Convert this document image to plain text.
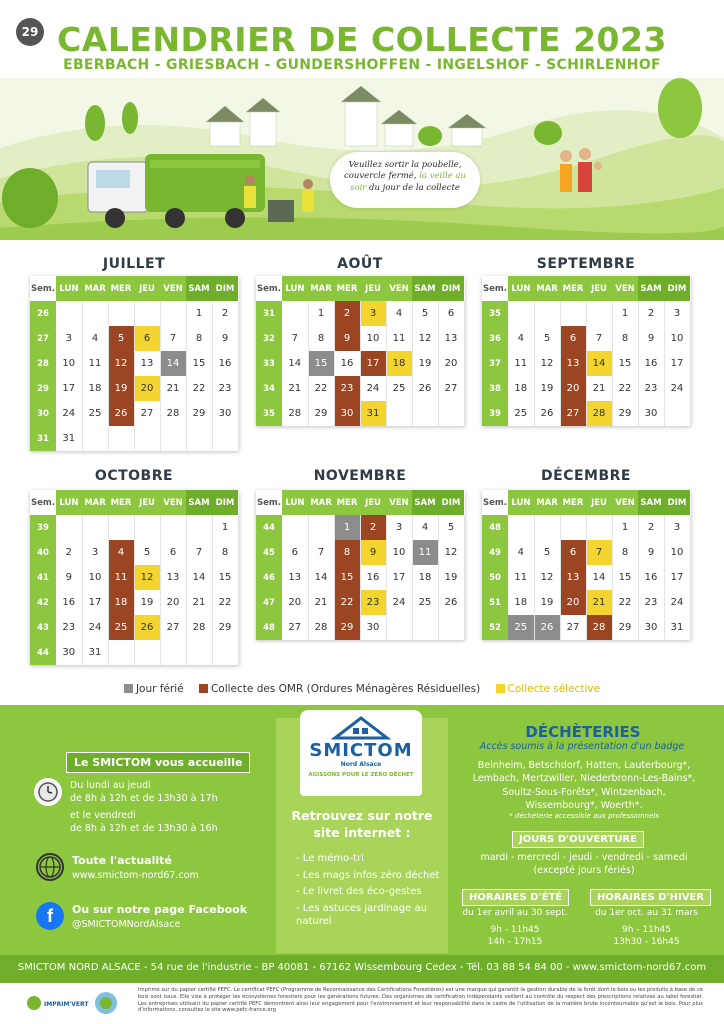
29 CALENDRIER DE COLLECTE 2023
EBERBACH - GRIESBACH - GUNDERSHOFFEN - INGELSHOF - SCHIRLENHOF
Veuillez sortir la poubelle, couvercle fermé, la veille au soir du jour de la collecte
JUILLET
Sem.	LUN	MAR	MER	JEU	VEN	SAM	DIM
26						1	2
27	3	4	5	6	7	8	9
28	10	11	12	13	14	15	16
29	17	18	19	20	21	22	23
30	24	25	26	27	28	29	30
31	31						
AOÛT
Sem.	LUN	MAR	MER	JEU	VEN	SAM	DIM
31		1	2	3	4	5	6
32	7	8	9	10	11	12	13
33	14	15	16	17	18	19	20
34	21	22	23	24	25	26	27
35	28	29	30	31			
SEPTEMBRE
Sem.	LUN	MAR	MER	JEU	VEN	SAM	DIM
35					1	2	3
36	4	5	6	7	8	9	10
37	11	12	13	14	15	16	17
38	18	19	20	21	22	23	24
39	25	26	27	28	29	30	
OCTOBRE
Sem.	LUN	MAR	MER	JEU	VEN	SAM	DIM
39							1
40	2	3	4	5	6	7	8
41	9	10	11	12	13	14	15
42	16	17	18	19	20	21	22
43	23	24	25	26	27	28	29
44	30	31					
NOVEMBRE
Sem.	LUN	MAR	MER	JEU	VEN	SAM	DIM
44			1	2	3	4	5
45	6	7	8	9	10	11	12
46	13	14	15	16	17	18	19
47	20	21	22	23	24	25	26
48	27	28	29	30			
DÉCEMBRE
Sem.	LUN	MAR	MER	JEU	VEN	SAM	DIM
48					1	2	3
49	4	5	6	7	8	9	10
50	11	12	13	14	15	16	17
51	18	19	20	21	22	23	24
52	25	26	27	28	29	30	31
Jour férié	Collecte des OMR (Ordures Ménagères Résiduelles)	Collecte sélective
Le SMICTOM vous accueille
Du lundi au jeudi
de 8h à 12h et de 13h30 à 17h
et le vendredi
de 8h à 12h et de 13h30 à 16h
Toute l'actualité
www.smictom-nord67.com
f	Ou sur notre page Facebook
@SMICTOMNordAlsace
SMICTOM
Nord Alsace
AGISSONS POUR LE ZÉRO DÉCHET
Retrouvez sur notre site internet :
- Le mémo-tri
- Les mags infos zéro déchet
- Le livret des éco-gestes
- Les astuces jardinage au naturel
DÉCHÈTERIES
Accès soumis à la présentation d'un badge
Beinheim, Betschdorf, Hatten, Lauterbourg*, Lembach, Mertzwiller, Niederbronn-Les-Bains*, Soultz-Sous-Forêts*, Wintzenbach, Wissembourg*, Woerth*.
* déchèterie accessible aux professionnels
JOURS D'OUVERTURE
mardi - mercredi - jeudi - vendredi - samedi
(excepté jours fériés)
HORAIRES D'ÉTÉ	HORAIRES D'HIVER
du 1er avril au 30 sept.
9h - 11h45
14h - 17h15
du 1er oct. au 31 mars
9h - 11h45
13h30 - 16h45
SMICTOM NORD ALSACE - 54 rue de l'industrie - BP 40081 - 67162 Wissembourg Cedex - Tél. 03 88 54 84 00 - www.smictom-nord67.com
IMPRIM'VERT
Imprimé sur du papier certifié PEFC. Le certificat PEFC (Programme de Reconnaissance des Certifications Forestières) est une marque qui garantit la gestion durable de la forêt dont le bois ou les produits à base de ce bois sont issus. Elle vise à protéger les écosystèmes forestiers pour les générations futures. Des organismes de certification indépendants veillent au contrôle du respect des prescriptions relatives au label forestier. Les entreprises utilisant du papier certifié PEFC démontrent ainsi leur engagement pour l'environnement et leur responsabilité dans le cadre de l'utilisation de la matière brute incontournable qu'est le bois. Pour plus d'informations, consultez le site www.pefc-france.org
